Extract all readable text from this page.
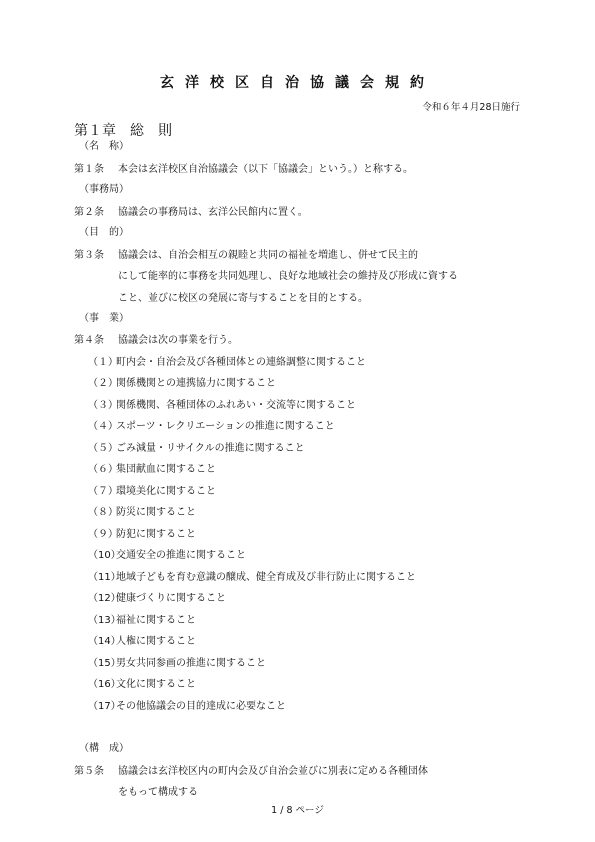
玄洋校区自治協議会規約
令和６年４月28日施行
第１章 総　則
（名　称）
第１条 本会は玄洋校区自治協議会（以下「協議会」という。）と称する。
（事務局）
第２条 協議会の事務局は、玄洋公民館内に置く。
（目　的）
第３条 協議会は、自治会相互の親睦と共同の福祉を増進し、併せて民主的
にして能率的に事務を共同処理し、良好な地域社会の維持及び形成に資する
こと、並びに校区の発展に寄与することを目的とする。
（事　業）
第４条 協議会は次の事業を行う。
（１）町内会・自治会及び各種団体との連絡調整に関すること
（２）関係機関との連携協力に関すること
（３）関係機関、各種団体のふれあい・交流等に関すること
（４）スポーツ・レクリエーションの推進に関すること
（５）ごみ減量・リサイクルの推進に関すること
（６）集団献血に関すること
（７）環境美化に関すること
（８）防災に関すること
（９）防犯に関すること
（10）交通安全の推進に関すること
（11）地域子どもを育む意識の醸成、健全育成及び非行防止に関すること
（12）健康づくりに関すること
（13）福祉に関すること
（14）人権に関すること
（15）男女共同参画の推進に関すること
（16）文化に関すること
（17）その他協議会の目的達成に必要なこと
（構　成）
第５条 協議会は玄洋校区内の町内会及び自治会並びに別表に定める各種団体
をもって構成する
1 / 8 ページ
